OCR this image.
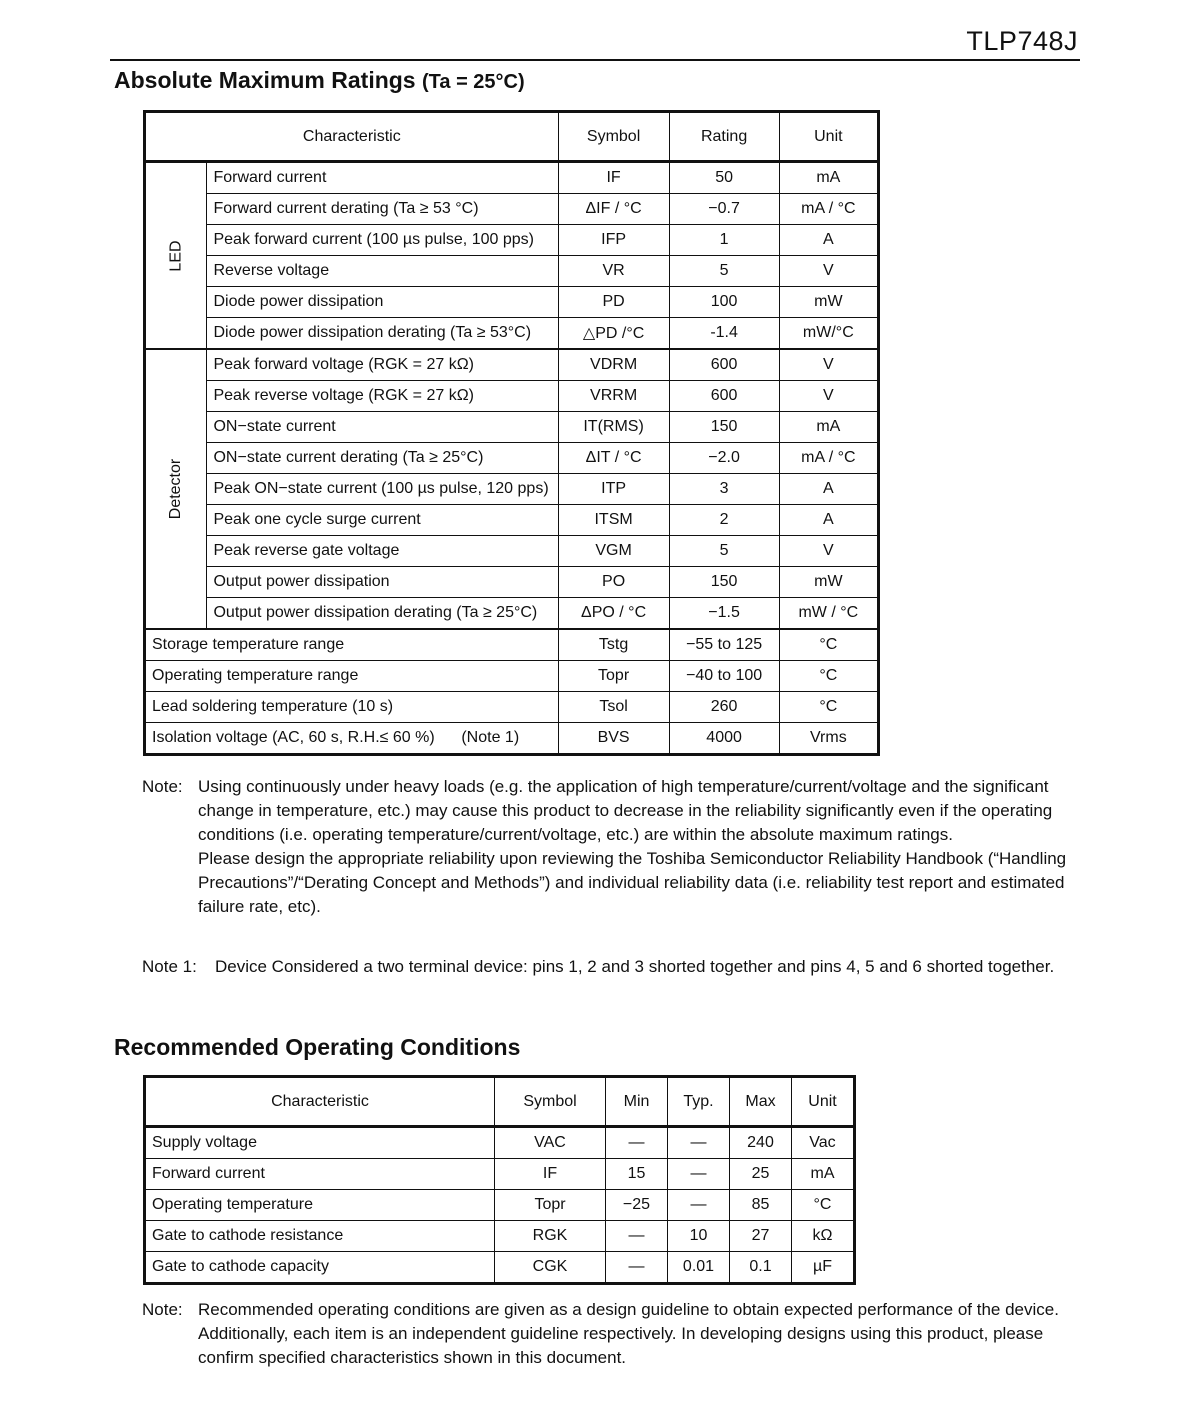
TLP748J
Absolute Maximum Ratings (Ta = 25°C)
Characteristic		Symbol	Rating	Unit
LED	Forward current	IF	50	mA
	Forward current derating (Ta ≥ 53 °C)	ΔIF / °C	−0.7	mA / °C
	Peak forward current (100 µs pulse, 100 pps)	IFP	1	A
	Reverse voltage	VR	5	V
	Diode power dissipation	PD	100	mW
	Diode power dissipation derating (Ta ≥ 53°C)	△PD /°C	-1.4	mW/°C
Detector	Peak forward voltage (RGK = 27 kΩ)	VDRM	600	V
	Peak reverse voltage (RGK = 27 kΩ)	VRRM	600	V
	ON−state current	IT(RMS)	150	mA
	ON−state current derating (Ta ≥ 25°C)	ΔIT / °C	−2.0	mA / °C
	Peak ON−state current (100 µs pulse, 120 pps)	ITP	3	A
	Peak one cycle surge current	ITSM	2	A
	Peak reverse gate voltage	VGM	5	V
	Output power dissipation	PO	150	mW
	Output power dissipation derating (Ta ≥ 25°C)	ΔPO / °C	−1.5	mW / °C
Storage temperature range		Tstg	−55 to 125	°C
Operating temperature range		Topr	−40 to 100	°C
Lead soldering temperature (10 s)		Tsol	260	°C
Isolation voltage (AC, 60 s, R.H.≤ 60 %)      (Note 1)		BVS	4000	Vrms
Note: Using continuously under heavy loads (e.g. the application of high temperature/current/voltage and the significant change in temperature, etc.) may cause this product to decrease in the reliability significantly even if the operating conditions (i.e. operating temperature/current/voltage, etc.) are within the absolute maximum ratings.

Please design the appropriate reliability upon reviewing the Toshiba Semiconductor Reliability Handbook (“Handling Precautions”/“Derating Concept and Methods”) and individual reliability data (i.e. reliability test report and estimated failure rate, etc).

Note 1:	Device Considered a two terminal device: pins 1, 2 and 3 shorted together and pins 4, 5 and 6 shorted together.
Recommended Operating Conditions
Characteristic	Symbol	Min	Typ.	Max	Unit
Supply voltage	VAC	—	—	240	Vac
Forward current	IF	15	—	25	mA
Operating temperature	Topr	−25	—	85	°C
Gate to cathode resistance	RGK	—	10	27	kΩ
Gate to cathode capacity	CGK	—	0.01	0.1	µF
Note: Recommended operating conditions are given as a design guideline to obtain expected performance of the device. Additionally, each item is an independent guideline respectively. In developing designs using this product, please confirm specified characteristics shown in this document.
